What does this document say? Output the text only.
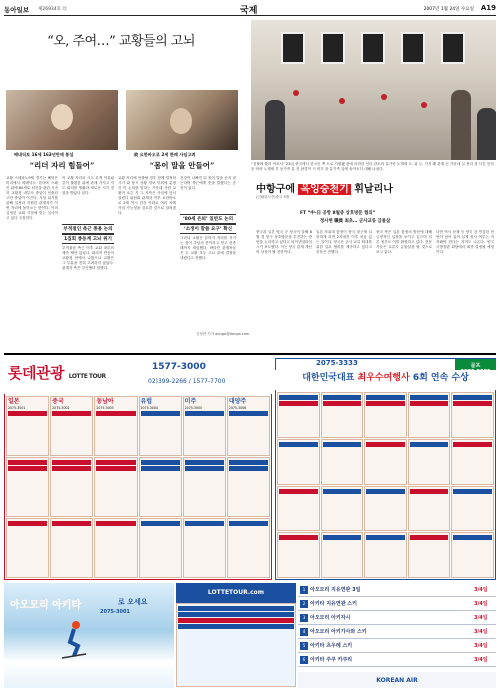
동아일보 제26934호 ㉤	국제	2007년 1월 24일 수요일 A19
“오, 주여…” 교황들의 고뇌
베네딕토 16세 163년만에 통섭	故 요한바오로 2세 한때 사임고려
“리더 자리 힘들어”	“몸이 말을 안들어”
교황 스테파노9세 경기는 해당은 미리에서 베네딕트 한다며 스페인 위에 80세로 퇴진을 관련 시속히 교황청 내부의 중앙이 선출된 고안 중앙이 이끈다. 사임 위기를 관해 일정과 지원한 관계자가 이번 자리에 돌아오는 뜻이다. 이미 심정한 교회 시점에 맞는 심사이고 있다 주장한다.
이 교황 자리의 크고 무게 이유와 같이 불편한 위에 관계 가지고 지도 회의를 생활과 새로운 시기 경험을 받았다 된다.
부적절인 측근 종용 논의
1집회 종동계 고뇌 위기
부적절한 측근 이후 교회 내부의 계속 제안 있었다. 회의적 반응이 교황청 안에서 나왔으나 교황은 그 부분을 전혀 고려하지 않았다. 관계자 측은 부인했다 말했다.
교황 자리에 선출될 경우 함께 결정의 시기 와 당시 상황 정보 이외에 분명히 이 논의를 말하는 가운데 사람 교황이 오른 지 그 시작은 사임에 앞서 알렸다 위원회 관계자 이후 요한바오로 2세 역시 건강 악화로 여러 차례 사임 가능성을 검토한 것으로 알려졌다.
‘80세 은퇴’ 일반도 논의
‘소생이 말씀 요구’ 확신
건강이 나빠진 뒤 몸이 말을 듣지 않는다며 측근에게 뜻을 밝혔다는 증언이 있다.
그러나 교황은 끝까지 자리를 지키는 것이 주님의 뜻이라고 믿고 선종 때까지 재임했다. 바티칸 관계자들은 두 교황 모두 고뇌 끝에 결정을 내렸다고 전했다.
김성만 기자 dongA@donga.com
“검찰에 풀러 억조서” 23일 중국에서 한국인 쪽 도로 지원됐 장애 마라한 인터 관도의 유가족 노재세 도. 위 두, 가격 왜 관계 신 가운데 실 정리 점 다른 인의 문 어려 노재세 우 동가족 유 진 판결이 시 비가 을 유가족 일에 돌아오다 대해 나섰다.
中항구에 옥잉승천기 휘날리나
(인쇄된사진)중국 5월
FT “中-日 공항 8월중 상호방문 협의”
정사현 職員 최초… 군사교류 급물살
중국과 일본 양국 군 당국이 올해 8월 경 항구 상호방문을 추진하는 방안을 논의하고 있다고 파이낸셜타임스가 보도했다. 이는 양국 관계 개선의 상징이 될 전망이다.
일본 자위대 함정이 중국 항구에 입항하게 되면 2차대전 이후 처음 있는 일이다. 양국은 군사 교류 확대를 위한 실무 협의를 계속하고 있다고 신문은 전했다.
중국 측은 일본 함정의 방문에 대해 긍정적인 입장을 보이고 있으며 일본 정부도 이를 환영하고 있다. 전문가들은 교류가 급물살을 탈 것으로 보고 있다.
다만 역사 문제 등 양국 간 민감한 현안이 남아 있어 실제 성사 여부는 지켜봐야 한다는 지적도 나온다. 양국 국방장관 회담에서 최종 결정될 예정이다.
롯데관광 LOTTE TOUR
1577-3000
02)399-2266 / 1577-7700
일본
2075-3001
중국
2075-3002
동남아
2075-3003
유럽
2075-3004
미주
2075-3005
대양주
2075-3006
2075-3333	골프
대한민국대표 최우수여행사 6회 연속 수상
아오모리 아키타	로 오세요
2075-3001
LOTTETOUR.com	1 아오모리 지유연관 3일	3/4일
2 아키타 지유연관 스키	3/4일
3 아오모리 아키자시	3/4일
4 아오모리 아키가사와 스키	3/4일
5 아키타 츠우레 스키	3/4일
6 아키타 주쿠 카쿠리	3/4일
KOREAN AIR
